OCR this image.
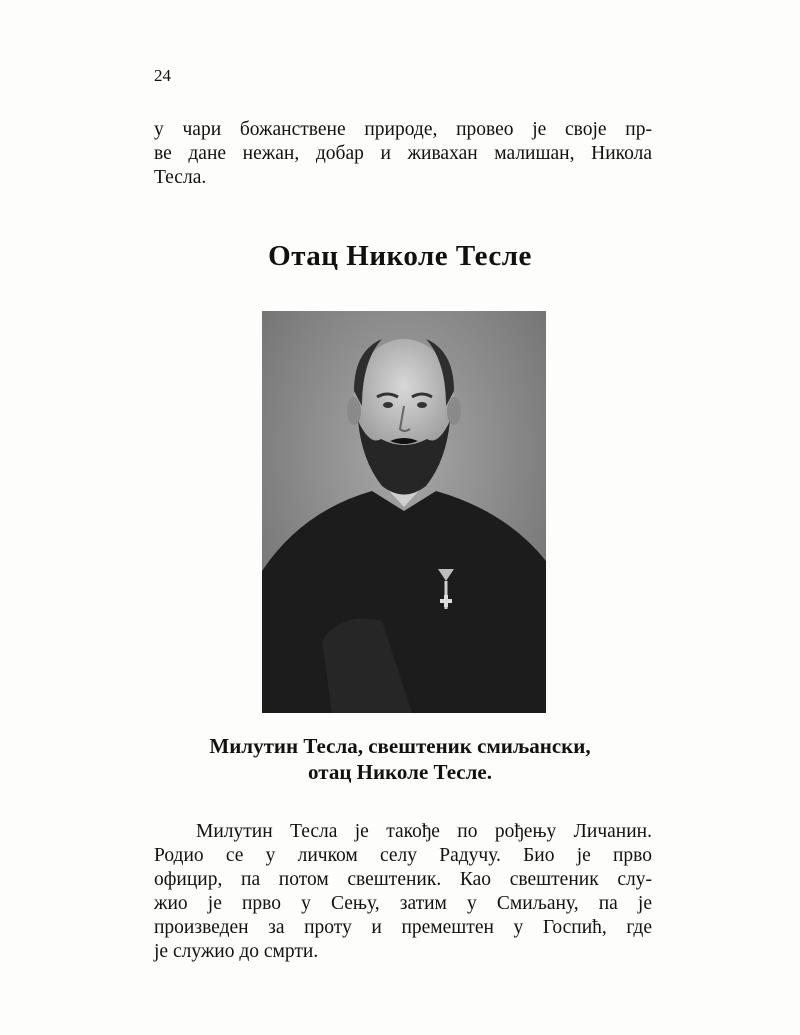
24
у чари божанствене природе, провео је своје пр-
ве дане нежан, добар и живахан малишан, Никола
Тесла.
Отац Николе Тесле
Милутин Тесла, свештеник смиљански,
отац Николе Тесле.
Милутин Тесла је такође по рођењу Личанин.
Родио се у личком селу Радучу. Био је прво
официр, па потом свештеник. Као свештеник слу-
жио је прво у Сењу, затим у Смиљану, па је
произведен за проту и премештен у Госпић, где
је служио до смрти.
